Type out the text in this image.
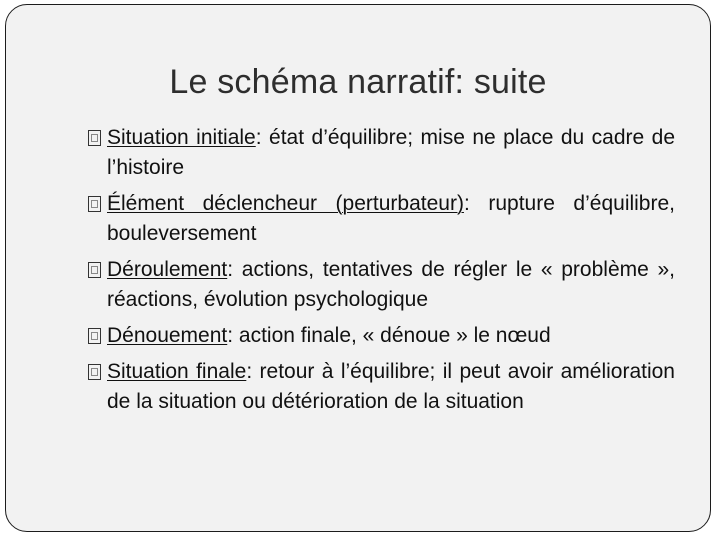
Le schéma narratif: suite
Situation initiale: état d’équilibre; mise ne place du cadre de l’histoire
Élément déclencheur (perturbateur): rupture d’équilibre, bouleversement
Déroulement: actions, tentatives de régler le « problème », réactions, évolution psychologique
Dénouement: action finale, « dénoue » le nœud
Situation finale: retour à l’équilibre; il peut avoir amélioration de la situation ou détérioration de la situation
